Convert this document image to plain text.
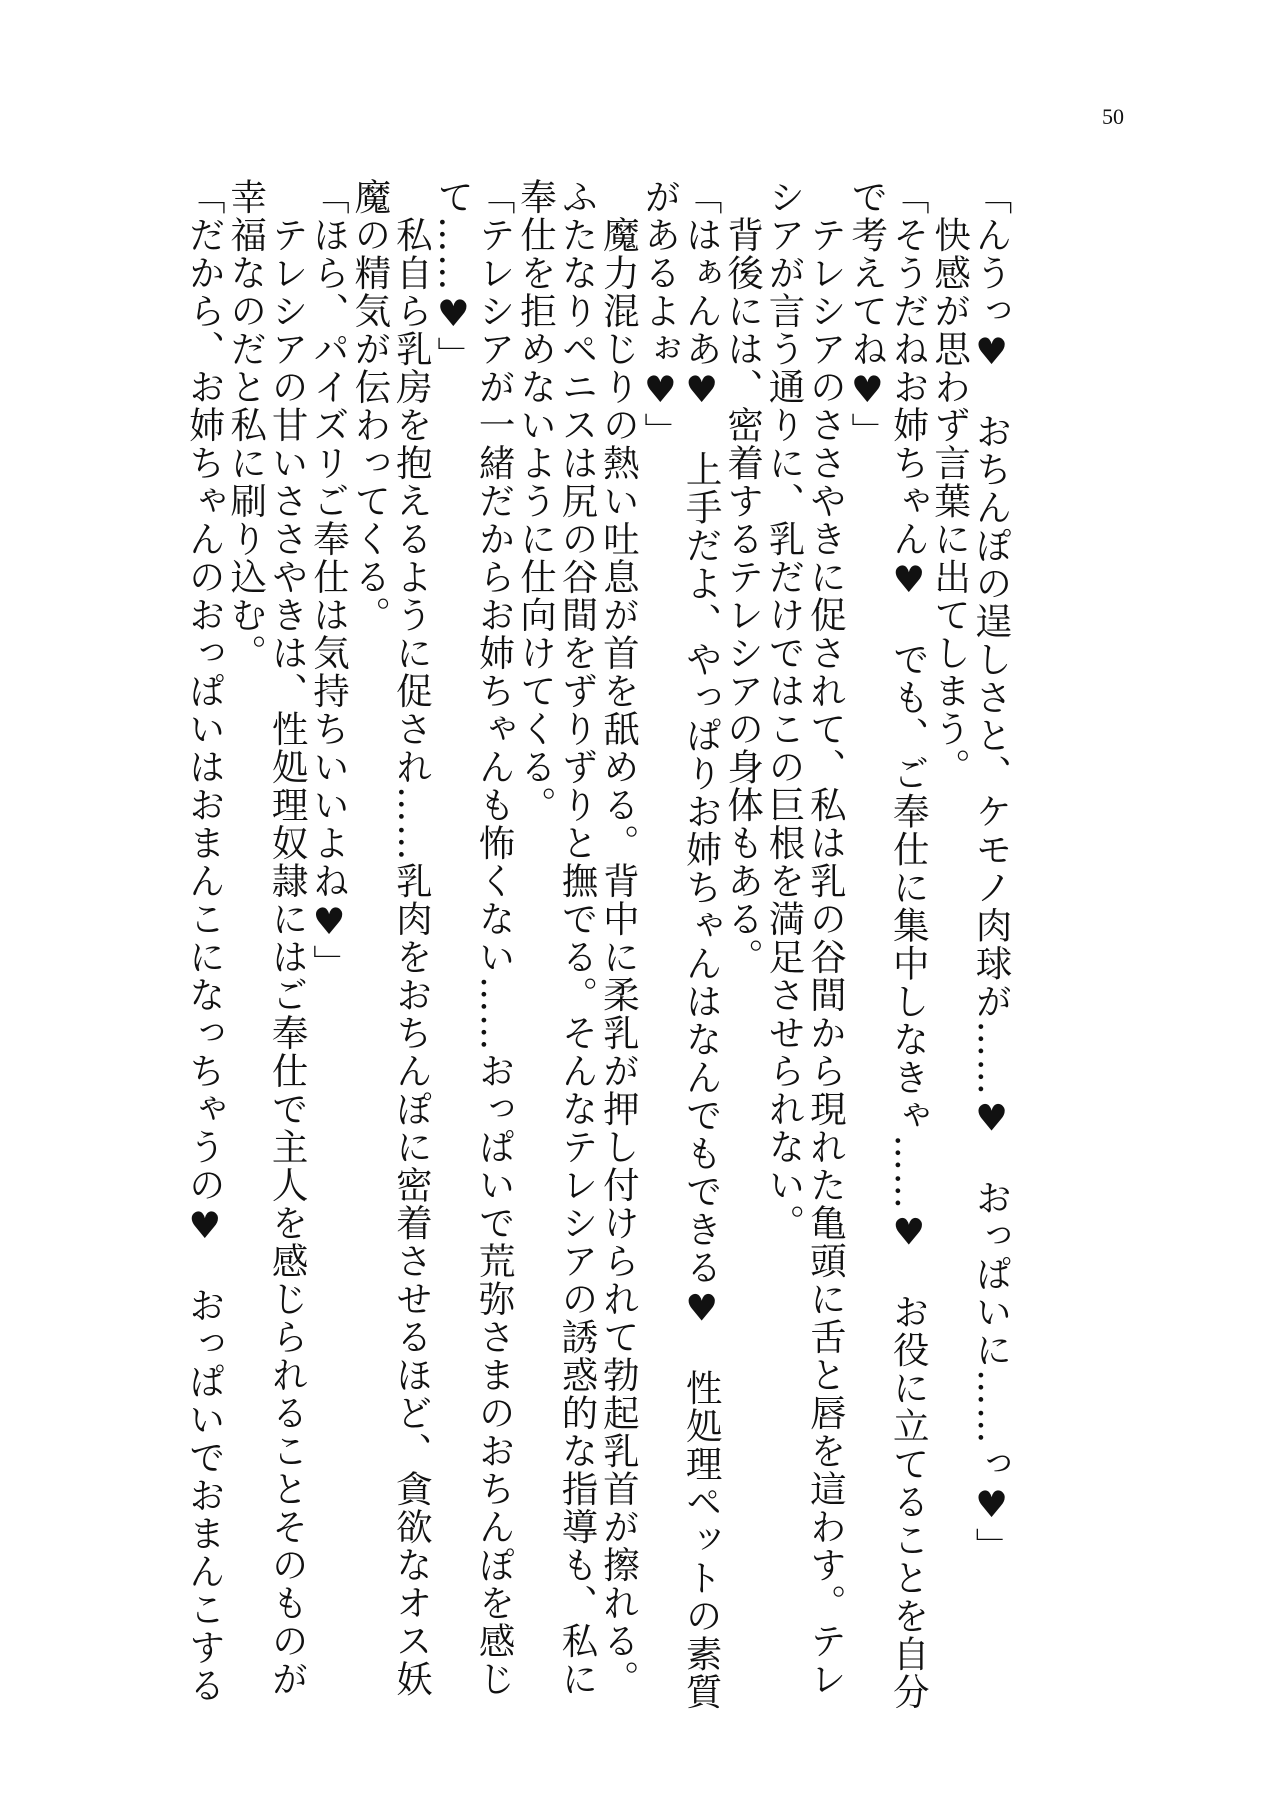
50
「んうっ♥　おちんぽの逞しさと、ケモノ肉球が……♥　おっぱいに……っ♥」
　快感が思わず言葉に出てしまう。
「そうだねお姉ちゃん♥　でも、ご奉仕に集中しなきゃ……♥　お役に立てることを自分
で考えてね♥」
　テレシアのささやきに促されて、私は乳の谷間から現れた亀頭に舌と唇を這わす。テレ
シアが言う通りに、乳だけではこの巨根を満足させられない。
　背後には、密着するテレシアの身体もある。
「はぁんあ♥　上手だよ、やっぱりお姉ちゃんはなんでもできる♥　性処理ペットの素質
があるよぉ♥」
　魔力混じりの熱い吐息が首を舐める。背中に柔乳が押し付けられて勃起乳首が擦れる。
ふたなりペニスは尻の谷間をずりずりと撫でる。そんなテレシアの誘惑的な指導も、私に
奉仕を拒めないように仕向けてくる。
「テレシアが一緒だからお姉ちゃんも怖くない……おっぱいで荒弥さまのおちんぽを感じ
て……♥」
　私自ら乳房を抱えるように促され……乳肉をおちんぽに密着させるほど、貪欲なオス妖
魔の精気が伝わってくる。
「ほら、パイズリご奉仕は気持ちいいよね♥」
　テレシアの甘いささやきは、性処理奴隷にはご奉仕で主人を感じられることそのものが
幸福なのだと私に刷り込む。
「だから、お姉ちゃんのおっぱいはおまんこになっちゃうの♥　おっぱいでおまんこする
